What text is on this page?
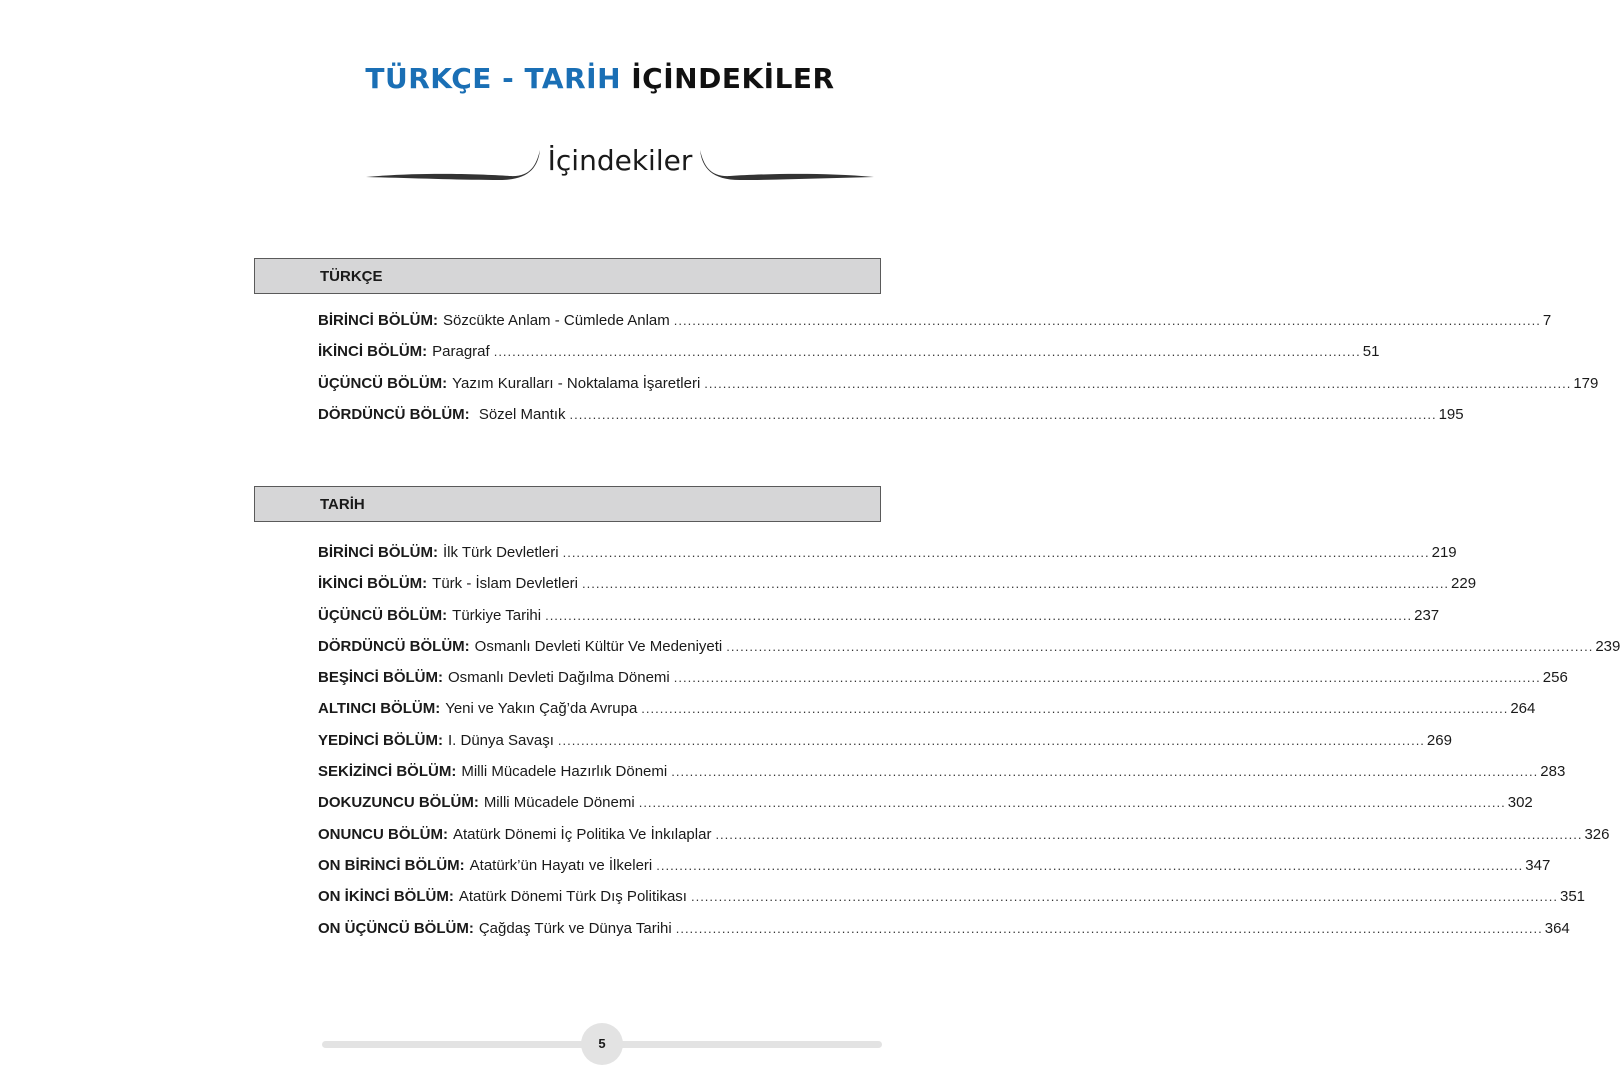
TÜRKÇE - TARİH İÇİNDEKİLER
İçindekiler
TÜRKÇE
BİRİNCİ BÖLÜM: Sözcükte Anlam - Cümlede Anlam ............................................................................................................................................................................................ 7
İKİNCİ BÖLÜM: Paragraf ............................................................................................................................................................................................ 51
ÜÇÜNCÜ BÖLÜM: Yazım Kuralları - Noktalama İşaretleri ............................................................................................................................................................................................ 179
DÖRDÜNCÜ BÖLÜM: Sözel Mantık ............................................................................................................................................................................................ 195
TARİH
BİRİNCİ BÖLÜM: İlk Türk Devletleri ............................................................................................................................................................................................ 219
İKİNCİ BÖLÜM: Türk - İslam Devletleri ............................................................................................................................................................................................ 229
ÜÇÜNCÜ BÖLÜM: Türkiye Tarihi ............................................................................................................................................................................................ 237
DÖRDÜNCÜ BÖLÜM: Osmanlı Devleti Kültür Ve Medeniyeti ............................................................................................................................................................................................ 239
BEŞİNCİ BÖLÜM: Osmanlı Devleti Dağılma Dönemi ............................................................................................................................................................................................ 256
ALTINCI BÖLÜM: Yeni ve Yakın Çağ’da Avrupa ............................................................................................................................................................................................ 264
YEDİNCİ BÖLÜM: I. Dünya Savaşı ............................................................................................................................................................................................ 269
SEKİZİNCİ BÖLÜM: Milli Mücadele Hazırlık Dönemi ............................................................................................................................................................................................ 283
DOKUZUNCU BÖLÜM: Milli Mücadele Dönemi ............................................................................................................................................................................................ 302
ONUNCU BÖLÜM: Atatürk Dönemi İç Politika Ve İnkılaplar ............................................................................................................................................................................................ 326
ON BİRİNCİ BÖLÜM: Atatürk’ün Hayatı ve İlkeleri ............................................................................................................................................................................................ 347
ON İKİNCİ BÖLÜM: Atatürk Dönemi Türk Dış Politikası ............................................................................................................................................................................................ 351
ON ÜÇÜNCÜ BÖLÜM: Çağdaş Türk ve Dünya Tarihi ............................................................................................................................................................................................ 364
5
